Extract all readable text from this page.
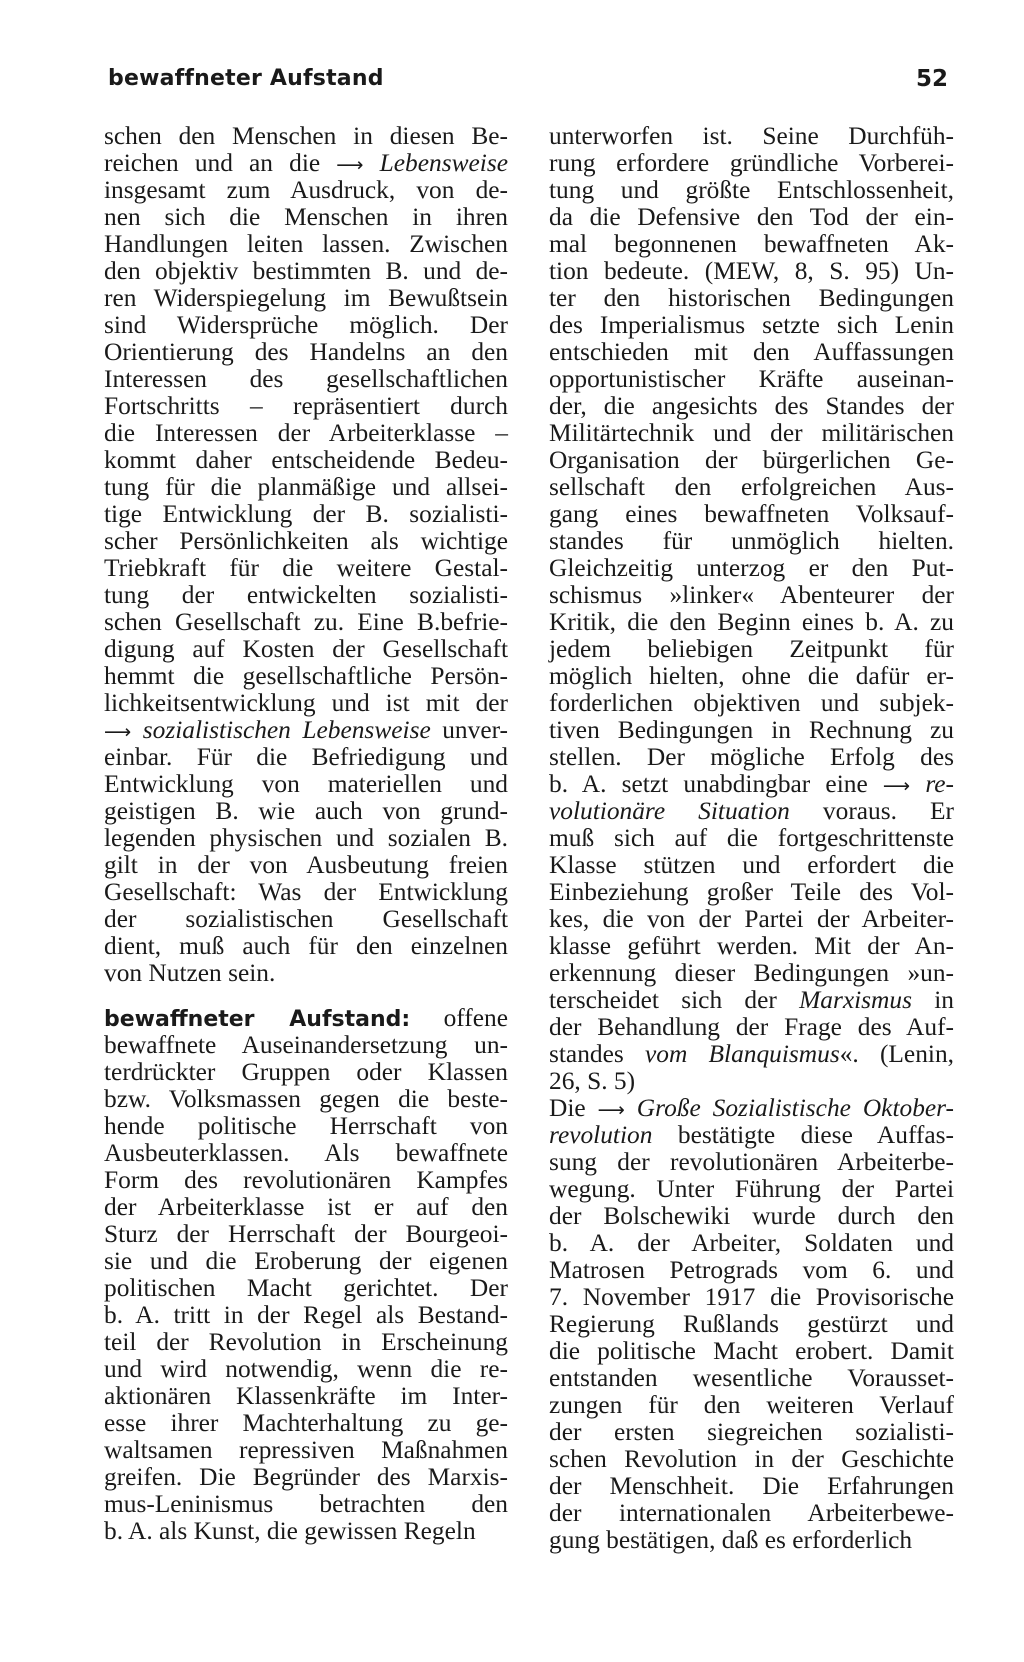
bewaffneter Aufstand	52
schen den Menschen in diesen Be-
reichen und an die ⟶ Lebensweise
insgesamt zum Ausdruck, von de-
nen sich die Menschen in ihren
Handlungen leiten lassen. Zwischen
den objektiv bestimmten B. und de-
ren Widerspiegelung im Bewußtsein
sind Widersprüche möglich. Der
Orientierung des Handelns an den
Interessen des gesellschaftlichen
Fortschritts – repräsentiert durch
die Interessen der Arbeiterklasse –
kommt daher entscheidende Bedeu-
tung für die planmäßige und allsei-
tige Entwicklung der B. sozialisti-
scher Persönlichkeiten als wichtige
Triebkraft für die weitere Gestal-
tung der entwickelten sozialisti-
schen Gesellschaft zu. Eine B.befrie-
digung auf Kosten der Gesellschaft
hemmt die gesellschaftliche Persön-
lichkeitsentwicklung und ist mit der
⟶ sozialistischen Lebensweise unver-
einbar. Für die Befriedigung und
Entwicklung von materiellen und
geistigen B. wie auch von grund-
legenden physischen und sozialen B.
gilt in der von Ausbeutung freien
Gesellschaft: Was der Entwicklung
der sozialistischen Gesellschaft
dient, muß auch für den einzelnen
von Nutzen sein.
bewaffneter Aufstand: offene
bewaffnete Auseinandersetzung un-
terdrückter Gruppen oder Klassen
bzw. Volksmassen gegen die beste-
hende politische Herrschaft von
Ausbeuterklassen. Als bewaffnete
Form des revolutionären Kampfes
der Arbeiterklasse ist er auf den
Sturz der Herrschaft der Bourgeoi-
sie und die Eroberung der eigenen
politischen Macht gerichtet. Der
b. A. tritt in der Regel als Bestand-
teil der Revolution in Erscheinung
und wird notwendig, wenn die re-
aktionären Klassenkräfte im Inter-
esse ihrer Machterhaltung zu ge-
waltsamen repressiven Maßnahmen
greifen. Die Begründer des Marxis-
mus-Leninismus betrachten den
b. A. als Kunst, die gewissen Regeln
unterworfen ist. Seine Durchfüh-
rung erfordere gründliche Vorberei-
tung und größte Entschlossenheit,
da die Defensive den Tod der ein-
mal begonnenen bewaffneten Ak-
tion bedeute. (MEW, 8, S. 95) Un-
ter den historischen Bedingungen
des Imperialismus setzte sich Lenin
entschieden mit den Auffassungen
opportunistischer Kräfte auseinan-
der, die angesichts des Standes der
Militärtechnik und der militärischen
Organisation der bürgerlichen Ge-
sellschaft den erfolgreichen Aus-
gang eines bewaffneten Volksauf-
standes für unmöglich hielten.
Gleichzeitig unterzog er den Put-
schismus »linker« Abenteurer der
Kritik, die den Beginn eines b. A. zu
jedem beliebigen Zeitpunkt für
möglich hielten, ohne die dafür er-
forderlichen objektiven und subjek-
tiven Bedingungen in Rechnung zu
stellen. Der mögliche Erfolg des
b. A. setzt unabdingbar eine ⟶ re-
volutionäre Situation voraus. Er
muß sich auf die fortgeschrittenste
Klasse stützen und erfordert die
Einbeziehung großer Teile des Vol-
kes, die von der Partei der Arbeiter-
klasse geführt werden. Mit der An-
erkennung dieser Bedingungen »un-
terscheidet sich der Marxismus in
der Behandlung der Frage des Auf-
standes vom Blanquismus«. (Lenin,
26, S. 5)
Die ⟶ Große Sozialistische Oktober-
revolution bestätigte diese Auffas-
sung der revolutionären Arbeiterbe-
wegung. Unter Führung der Partei
der Bolschewiki wurde durch den
b. A. der Arbeiter, Soldaten und
Matrosen Petrograds vom 6. und
7. November 1917 die Provisorische
Regierung Rußlands gestürzt und
die politische Macht erobert. Damit
entstanden wesentliche Vorausset-
zungen für den weiteren Verlauf
der ersten siegreichen sozialisti-
schen Revolution in der Geschichte
der Menschheit. Die Erfahrungen
der internationalen Arbeiterbewe-
gung bestätigen, daß es erforderlich
